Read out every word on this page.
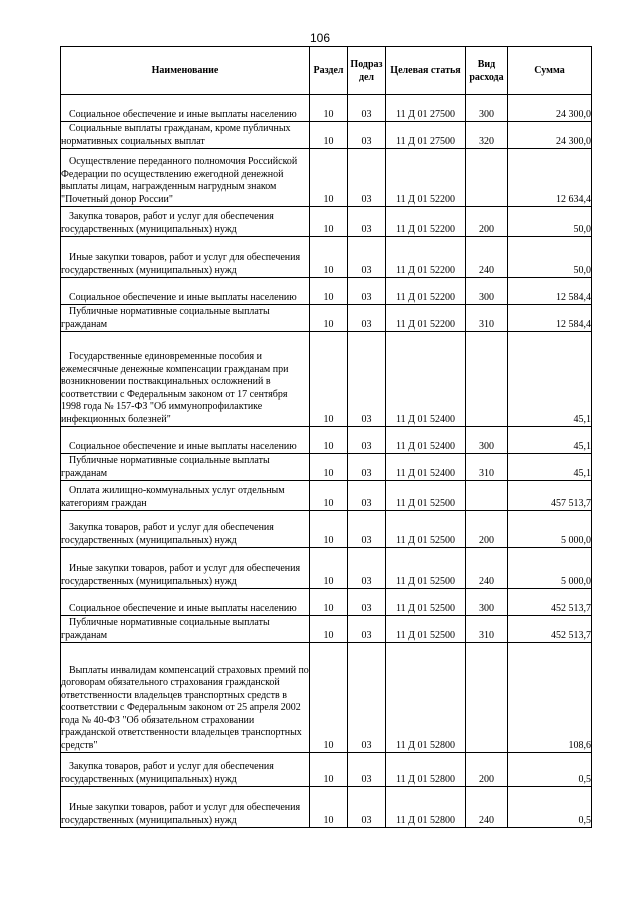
106
Наименование	Раздел	Подраз дел	Целевая статья	Вид расхода	Сумма

Социальное обеспечение и иные выплаты населению	10	03	11 Д 01 27500	300	24 300,0

Социальные выплаты гражданам, кроме публичных нормативных социальных выплат	10	03	11 Д 01 27500	320	24 300,0

Осуществление переданного полномочия Российской Федерации по осуществлению ежегодной денежной выплаты лицам, награжденным нагрудным знаком "Почетный донор России"	10	03	11 Д 01 52200		12 634,4

Закупка товаров, работ и услуг для обеспечения государственных (муниципальных) нужд	10	03	11 Д 01 52200	200	50,0

Иные закупки товаров, работ и услуг для обеспечения государственных (муниципальных) нужд	10	03	11 Д 01 52200	240	50,0

Социальное обеспечение и иные выплаты населению	10	03	11 Д 01 52200	300	12 584,4

Публичные нормативные социальные выплаты гражданам	10	03	11 Д 01 52200	310	12 584,4

Государственные единовременные пособия и ежемесячные денежные компенсации гражданам при возникновении поствакцинальных осложнений в соответствии с Федеральным законом от 17 сентября 1998 года № 157-ФЗ "Об иммунопрофилактике инфекционных болезней"	10	03	11 Д 01 52400		45,1

Социальное обеспечение и иные выплаты населению	10	03	11 Д 01 52400	300	45,1

Публичные нормативные социальные выплаты гражданам	10	03	11 Д 01 52400	310	45,1

Оплата жилищно-коммунальных услуг отдельным категориям граждан	10	03	11 Д 01 52500		457 513,7

Закупка товаров, работ и услуг для обеспечения государственных (муниципальных) нужд	10	03	11 Д 01 52500	200	5 000,0

Иные закупки товаров, работ и услуг для обеспечения государственных (муниципальных) нужд	10	03	11 Д 01 52500	240	5 000,0

Социальное обеспечение и иные выплаты населению	10	03	11 Д 01 52500	300	452 513,7

Публичные нормативные социальные выплаты гражданам	10	03	11 Д 01 52500	310	452 513,7

Выплаты инвалидам компенсаций страховых премий по договорам обязательного страхования гражданской ответственности владельцев транспортных средств в соответствии с Федеральным законом от 25 апреля 2002 года № 40-ФЗ "Об обязательном страховании гражданской ответственности владельцев транспортных средств"	10	03	11 Д 01 52800		108,6

Закупка товаров, работ и услуг для обеспечения государственных (муниципальных) нужд	10	03	11 Д 01 52800	200	0,5

Иные закупки товаров, работ и услуг для обеспечения государственных (муниципальных) нужд	10	03	11 Д 01 52800	240	0,5
